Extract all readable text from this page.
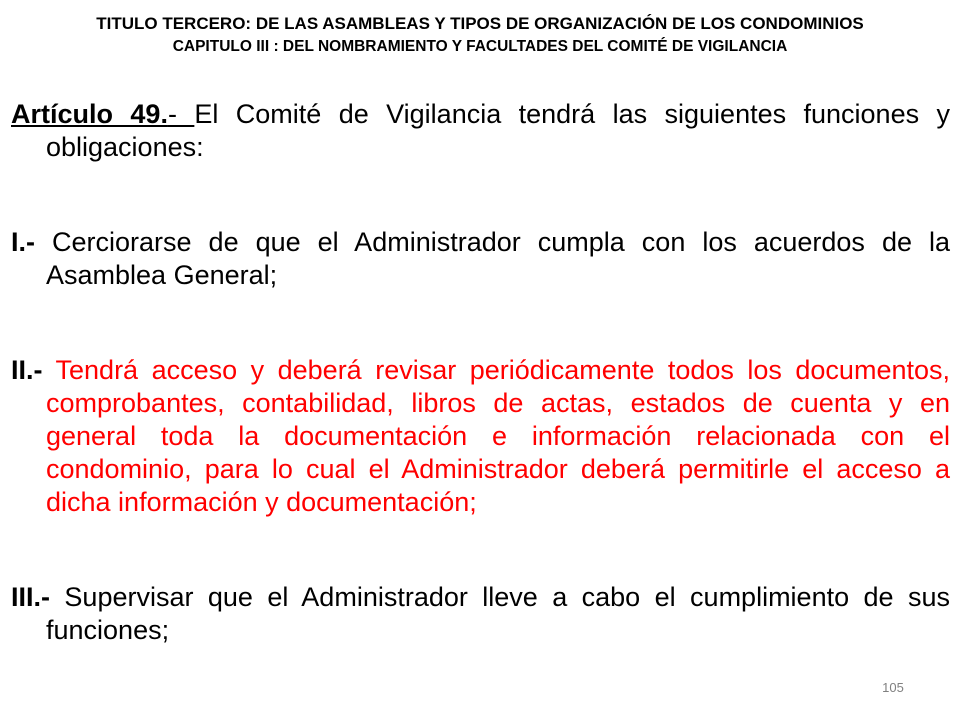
TITULO TERCERO: DE LAS ASAMBLEAS Y TIPOS DE ORGANIZACIÓN DE LOS CONDOMINIOS
CAPITULO III : DEL NOMBRAMIENTO Y FACULTADES DEL COMITÉ DE VIGILANCIA

Artículo 49.- El Comité de Vigilancia tendrá las siguientes funciones y obligaciones:

I.- Cerciorarse de que el Administrador cumpla con los acuerdos de la Asamblea General;

II.- Tendrá acceso y deberá revisar periódicamente todos los documentos, comprobantes, contabilidad, libros de actas, estados de cuenta y en general toda la documentación e información relacionada con el condominio, para lo cual el Administrador deberá permitirle el acceso a dicha información y documentación;

III.- Supervisar que el Administrador lleve a cabo el cumplimiento de sus funciones;

105
